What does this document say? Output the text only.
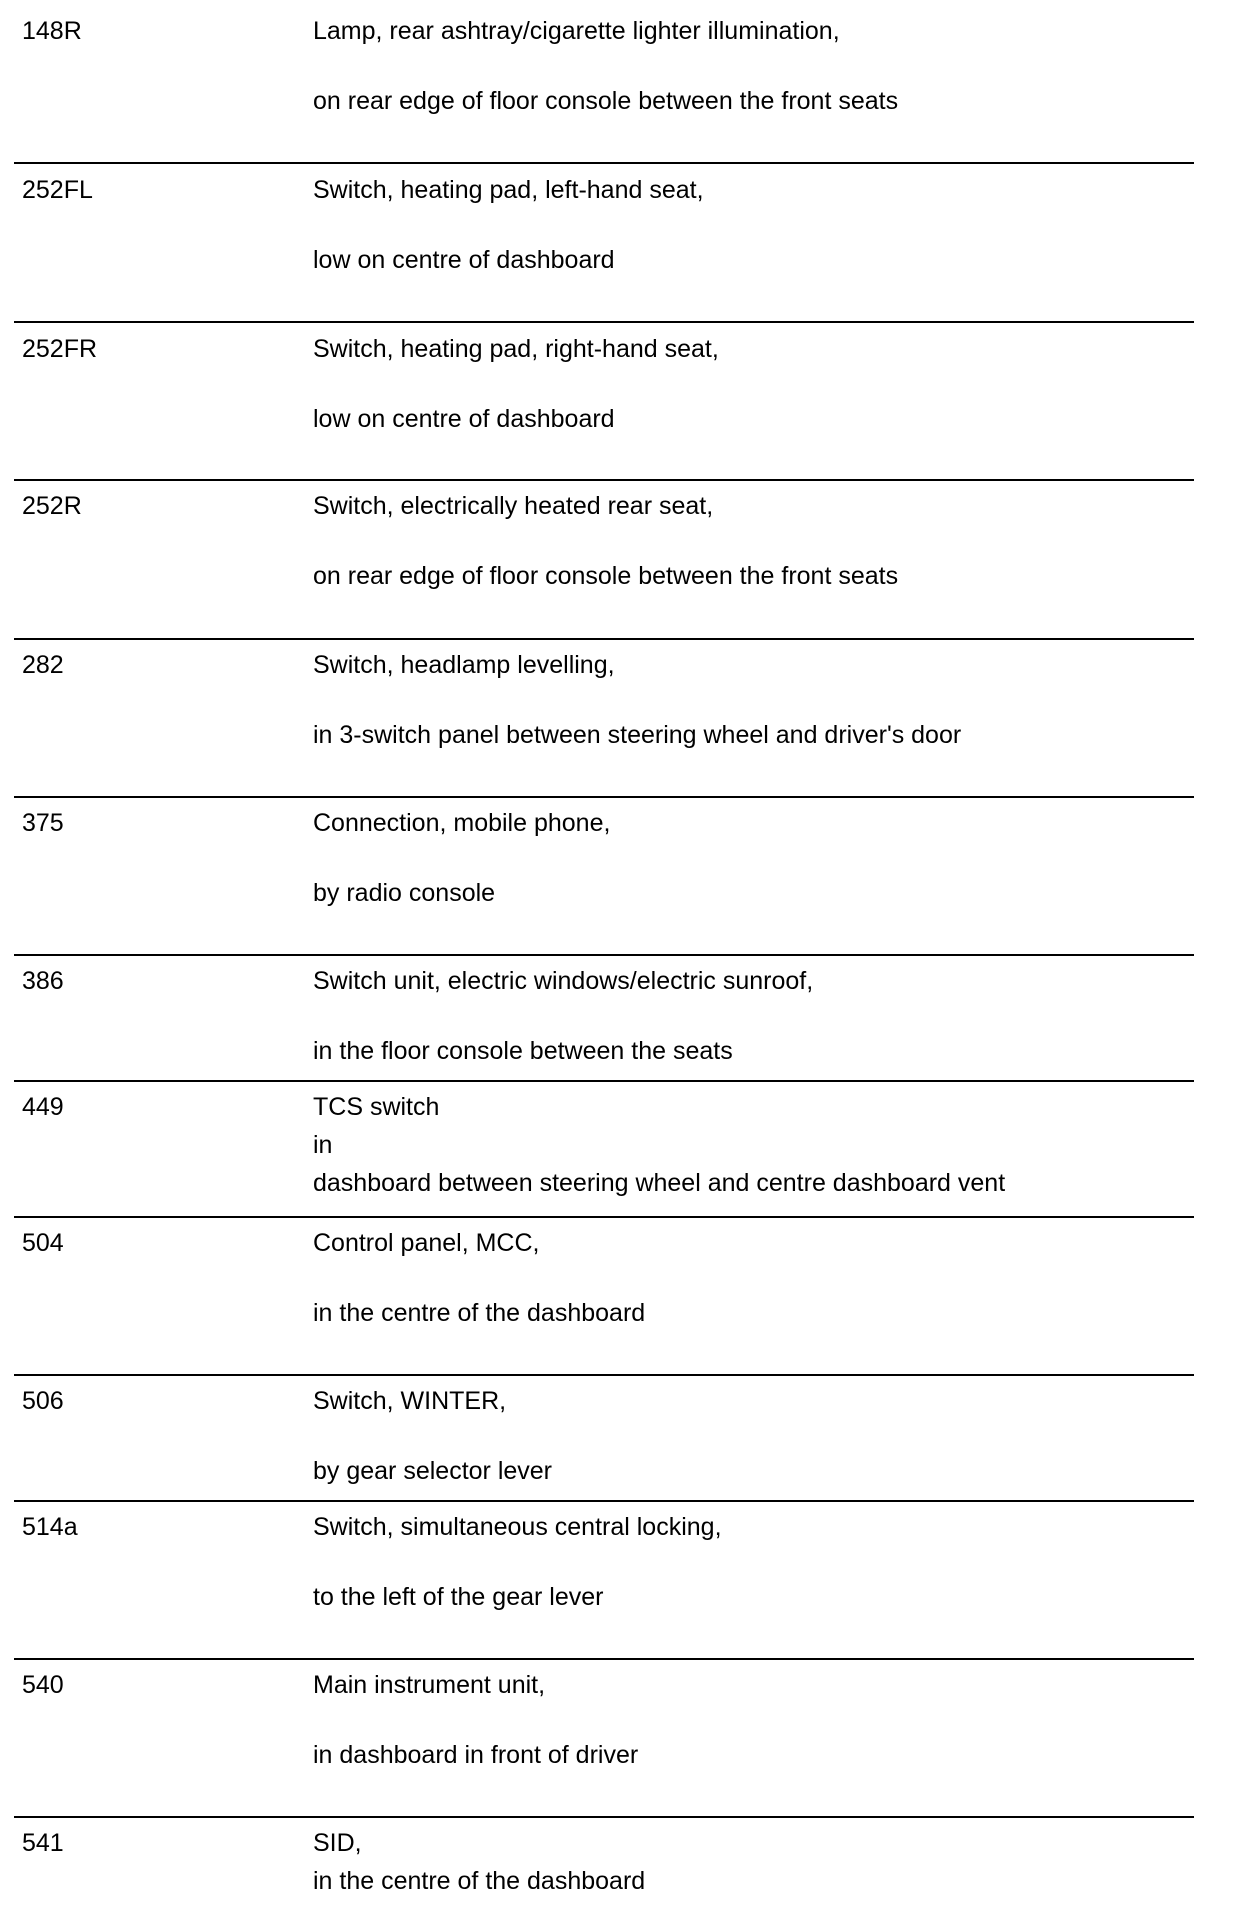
148R	Lamp, rear ashtray/cigarette lighter illumination,
on rear edge of floor console between the front seats
252FL	Switch, heating pad, left-hand seat,
low on centre of dashboard
252FR	Switch, heating pad, right-hand seat,
low on centre of dashboard
252R	Switch, electrically heated rear seat,
on rear edge of floor console between the front seats
282	Switch, headlamp levelling,
in 3-switch panel between steering wheel and driver's door
375	Connection, mobile phone,
by radio console
386	Switch unit, electric windows/electric sunroof,
in the floor console between the seats
449	TCS switch
in
dashboard between steering wheel and centre dashboard vent
504	Control panel, MCC,
in the centre of the dashboard
506	Switch, WINTER,
by gear selector lever
514a	Switch, simultaneous central locking,
to the left of the gear lever
540	Main instrument unit,
in dashboard in front of driver
541	SID,
in the centre of the dashboard
